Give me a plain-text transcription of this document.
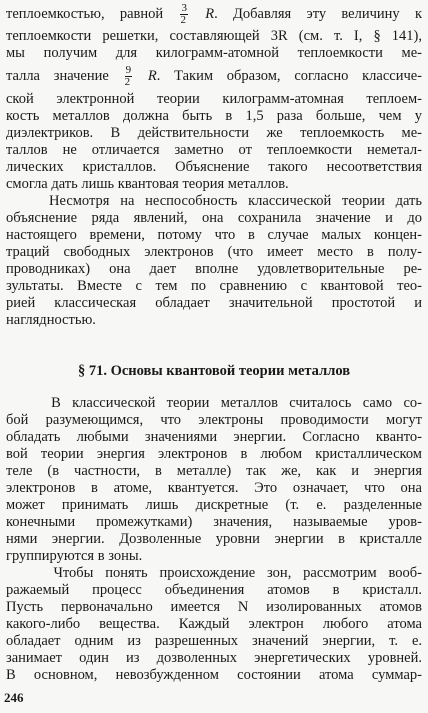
теплоемкостью, равной $\frac{3}{2} R$. Добавляя эту величину к
теплоемкости решетки, составляющей 3R (см. т. I, § 141),
мы получим для килограмм-атомной теплоемкости ме-
талла значение $\frac{9}{2} R$. Таким образом, согласно классиче-
ской электронной теории килограмм-атомная теплоем-
кость металлов должна быть в 1,5 раза больше, чем у
диэлектриков. В действительности же теплоемкость ме-
таллов не отличается заметно от теплоемкости неметал-
лических кристаллов. Объяснение такого несоответствия
смогла дать лишь квантовая теория металлов.
Несмотря на неспособность классической теории дать
объяснение ряда явлений, она сохранила значение и до
настоящего времени, потому что в случае малых концен-
траций свободных электронов (что имеет место в полу-
проводниках) она дает вполне удовлетворительные ре-
зультаты. Вместе с тем по сравнению с квантовой тео-
рией классическая обладает значительной простотой и
наглядностью.
§ 71. Основы квантовой теории металлов
В классической теории металлов считалось само со-
бой разумеющимся, что электроны проводимости могут
обладать любыми значениями энергии. Согласно кванто-
вой теории энергия электронов в любом кристаллическом
теле (в частности, в металле) так же, как и энергия
электронов в атоме, квантуется. Это означает, что она
может принимать лишь дискретные (т. е. разделенные
конечными промежутками) значения, называемые уров-
нями энергии. Дозволенные уровни энергии в кристалле
группируются в зоны.
Чтобы понять происхождение зон, рассмотрим вооб-
ражаемый процесс объединения атомов в кристалл.
Пусть первоначально имеется N изолированных атомов
какого-либо вещества. Каждый электрон любого атома
обладает одним из разрешенных значений энергии, т. е.
занимает один из дозволенных энергетических уровней.
В основном, невозбужденном состоянии атома суммар-
246
